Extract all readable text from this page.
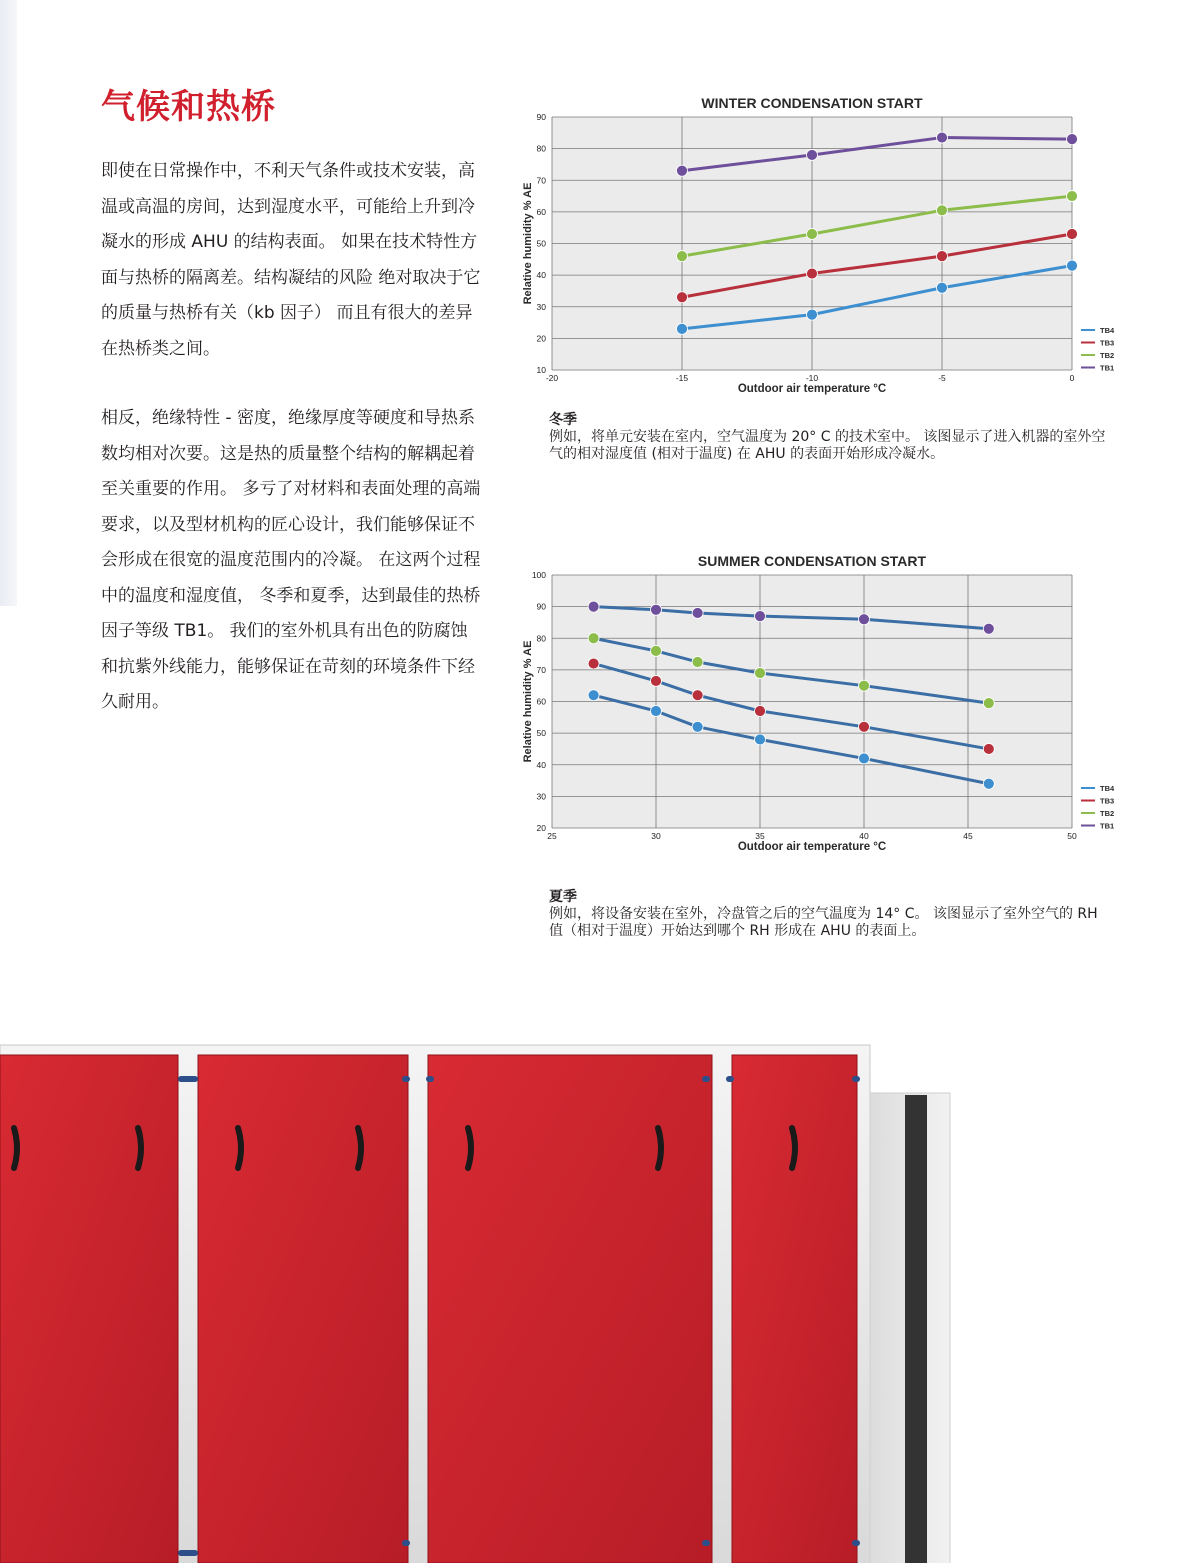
气候和热桥

即使在日常操作中，不利天气条件或技术安装，高温或高温的房间，达到湿度水平，可能给上升到冷凝水的形成 AHU 的结构表面。 如果在技术特性方面与热桥的隔离差。结构凝结的风险 绝对取决于它的质量与热桥有关（kb 因子） 而且有很大的差异在热桥类之间。

相反，绝缘特性 - 密度，绝缘厚度等硬度和导热系数均相对次要。这是热的质量整个结构的解耦起着至关重要的作用。 多亏了对材料和表面处理的高端要求，以及型材机构的匠心设计，我们能够保证不会形成在很宽的温度范围内的冷凝。 在这两个过程中的温度和湿度值， 冬季和夏季，达到最佳的热桥因子等级 TB1。 我们的室外机具有出色的防腐蚀和抗紫外线能力，能够保证在苛刻的环境条件下经久耐用。

-20	-15	-10	-5	0
10
20
30
40
50
60
70
80
90
WINTER CONDENSATION START
Outdoor air temperature °C
Relative humidity % AE
TB4
TB3
TB2
TB1
冬季
例如，将单元安装在室内，空气温度为 20° C 的技术室中。 该图显示了进入机器的室外空气的相对湿度值 (相对于温度) 在 AHU 的表面开始形成冷凝水。
25	30	35	40	45	50
20
30
40
50
60
70
80
90
100
SUMMER CONDENSATION START
Outdoor air temperature °C
Relative humidity % AE
TB4
TB3
TB2
TB1
夏季
例如，将设备安装在室外，冷盘管之后的空气温度为 14° C。 该图显示了室外空气的 RH 值（相对于温度）开始达到哪个 RH 形成在 AHU 的表面上。
